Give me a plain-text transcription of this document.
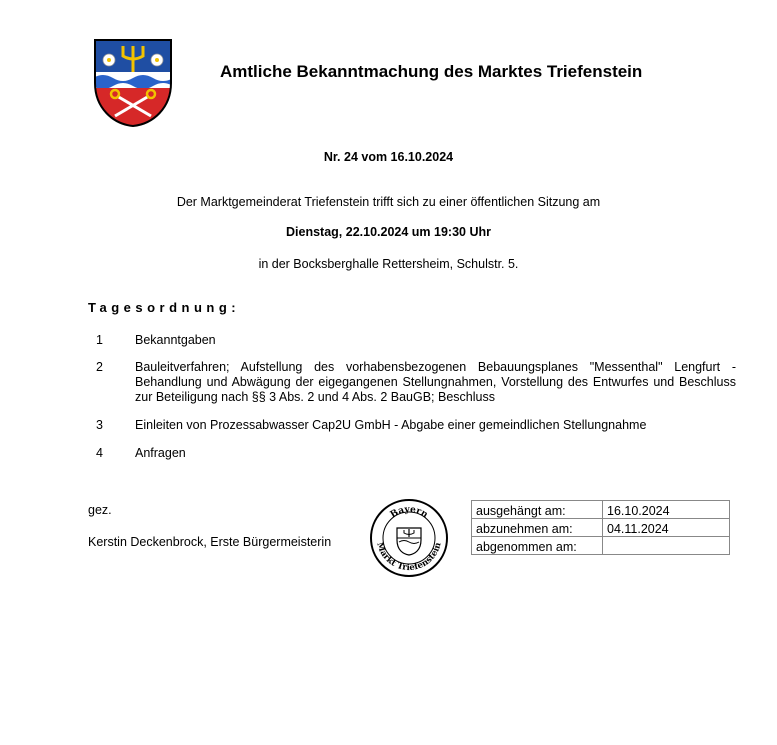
Amtliche Bekanntmachung des Marktes Triefenstein
Nr. 24 vom 16.10.2024
Der Marktgemeinderat Triefenstein trifft sich zu einer öffentlichen Sitzung am
Dienstag, 22.10.2024 um 19:30 Uhr
in der Bocksberghalle Rettersheim, Schulstr. 5.
Tagesordnung:
1	Bekanntgaben
2	Bauleitverfahren; Aufstellung des vorhabensbezogenen Bebauungsplanes "Messenthal" Lengfurt - Behandlung und Abwägung der eigegangenen Stellungnahmen, Vorstellung des Entwurfes und Beschluss zur Beteiligung nach §§ 3 Abs. 2 und 4 Abs. 2 BauGB; Beschluss
3	Einleiten von Prozessabwasser Cap2U GmbH - Abgabe einer gemeindlichen Stellungnahme
4	Anfragen
gez.
Kerstin Deckenbrock, Erste Bürgermeisterin
Bayern
Markt Triefenstein
ausgehängt am:	16.10.2024
abzunehmen am:	04.11.2024
abgenommen am:	
